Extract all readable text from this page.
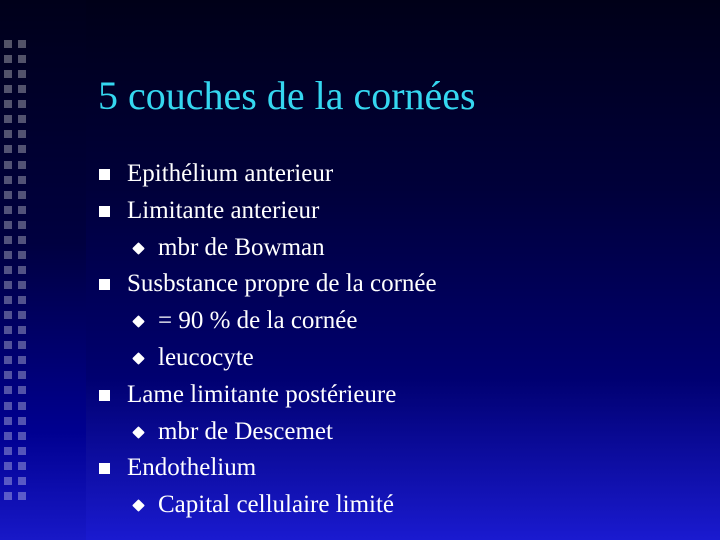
5 couches de la cornées
Epithélium anterieur
Limitante anterieur
mbr de Bowman
Susbstance propre de la cornée
= 90 % de la cornée
leucocyte
Lame limitante postérieure
mbr de Descemet
Endothelium
Capital cellulaire limité
